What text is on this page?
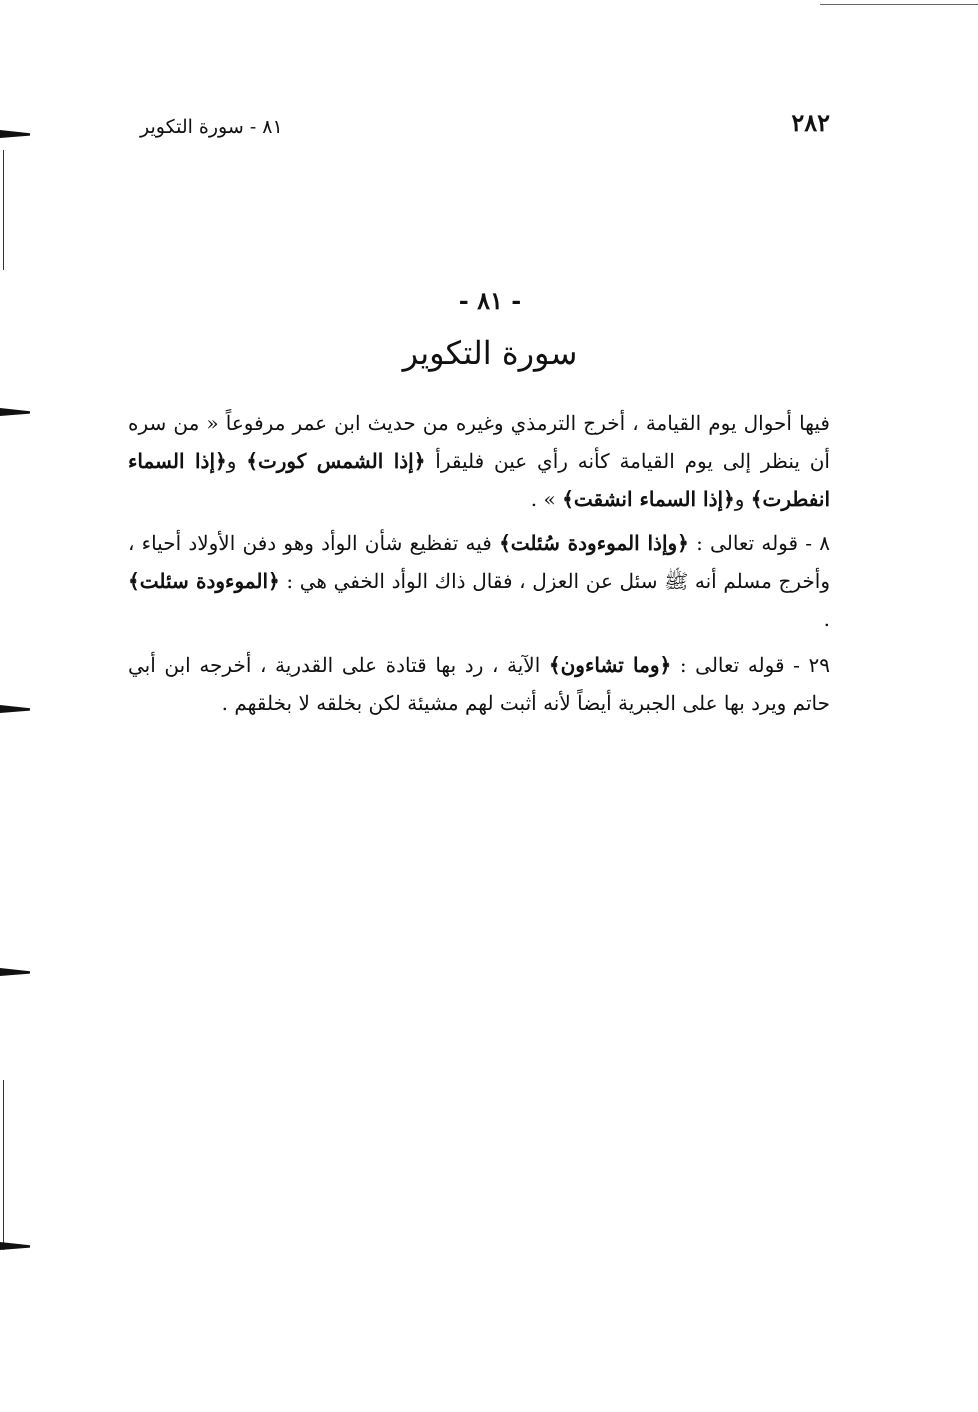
٢٨٢
٨١ - سورة التكوير
- ٨١ -
سورة التكوير

فيها أحوال يوم القيامة ، أخرج الترمذي وغيره من حديث ابن عمر مرفوعاً « من سره أن ينظر إلى يوم القيامة كأنه رأي عين فليقرأ ﴿إذا الشمس كورت﴾ و﴿إذا السماء انفطرت﴾ و﴿إذا السماء انشقت﴾ » .

٨ - قوله تعالى : ﴿وإذا الموءودة سُئلت﴾ فيه تفظيع شأن الوأد وهو دفن الأولاد أحياء ، وأخرج مسلم أنه ﷺ سئل عن العزل ، فقال ذاك الوأد الخفي هي : ﴿الموءودة سئلت﴾ .

٢٩ - قوله تعالى : ﴿وما تشاءون﴾ الآية ، رد بها قتادة على القدرية ، أخرجه ابن أبي حاتم ويرد بها على الجبرية أيضاً لأنه أثبت لهم مشيئة لكن بخلقه لا بخلقهم .
